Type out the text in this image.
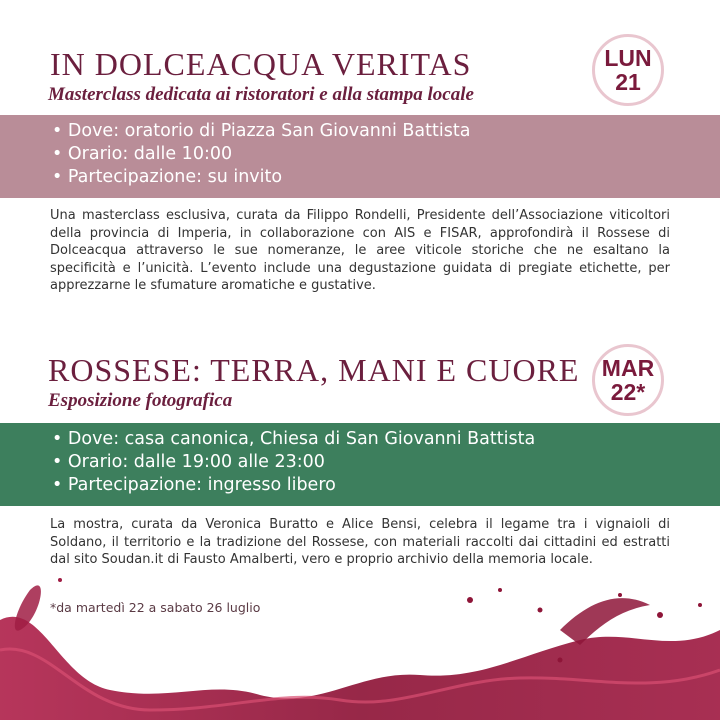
IN DOLCEACQUA VERITAS
Masterclass dedicata ai ristoratori e alla stampa locale
LUN
21
• Dove: oratorio di Piazza San Giovanni Battista
• Orario: dalle 10:00
• Partecipazione: su invito

Una masterclass esclusiva, curata da Filippo Rondelli, Presidente dell’Associazione viticoltori della provincia di Imperia, in collaborazione con AIS e FISAR, approfondirà il Rossese di Dolceacqua attraverso le sue nomeranze, le aree viticole storiche che ne esaltano la specificità e l’unicità. L’evento include una degustazione guidata di pregiate etichette, per apprezzarne le sfumature aromatiche e gustative.

ROSSESE: TERRA, MANI E CUORE
Esposizione fotografica
MAR
22*
• Dove: casa canonica, Chiesa di San Giovanni Battista
• Orario: dalle 19:00 alle 23:00
• Partecipazione: ingresso libero

La mostra, curata da Veronica Buratto e Alice Bensi, celebra il legame tra i vignaioli di Soldano, il territorio e la tradizione del Rossese, con materiali raccolti dai cittadini ed estratti dal sito Soudan.it di Fausto Amalberti, vero e proprio archivio della memoria locale.

*da martedì 22 a sabato 26 luglio
